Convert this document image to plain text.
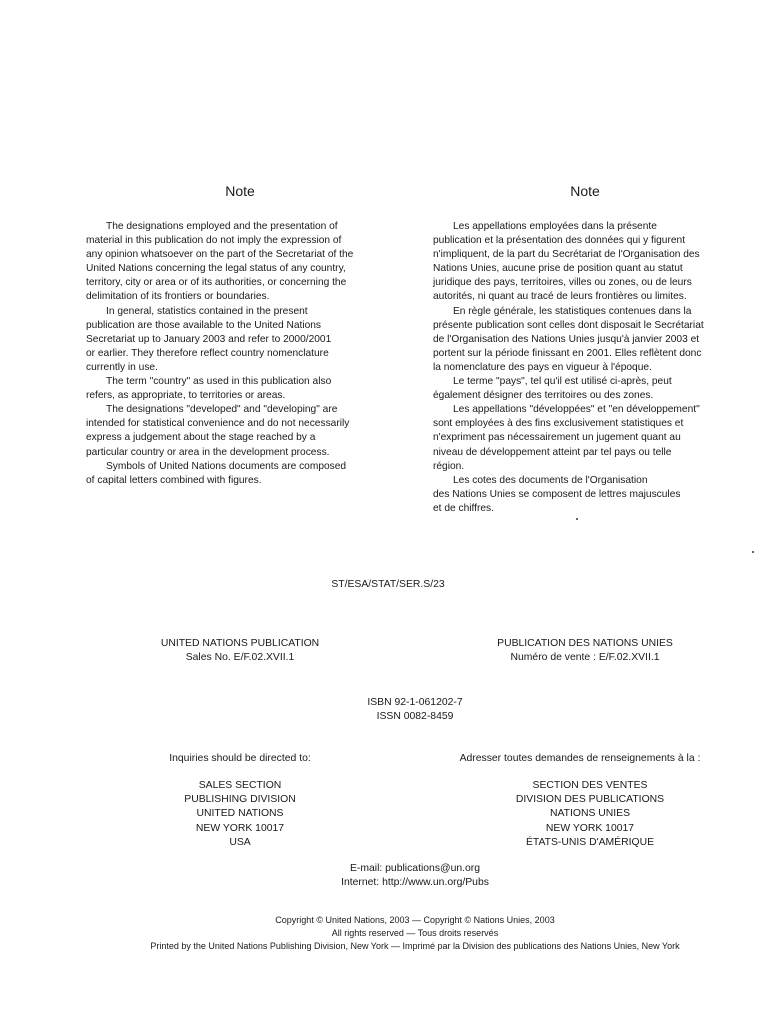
Note	Note

The designations employed and the presentation of

material in this publication do not imply the expression of

any opinion whatsoever on the part of the Secretariat of the

United Nations concerning the legal status of any country,

territory, city or area or of its authorities, or concerning the

delimitation of its frontiers or boundaries.

In general, statistics contained in the present

publication are those available to the United Nations

Secretariat up to January 2003 and refer to 2000/2001

or earlier. They therefore reflect country nomenclature

currently in use.

The term "country" as used in this publication also

refers, as appropriate, to territories or areas.

The designations "developed" and "developing" are

intended for statistical convenience and do not necessarily

express a judgement about the stage reached by a

particular country or area in the development process.

Symbols of United Nations documents are composed

of capital letters combined with figures.

Les appellations employées dans la présente

publication et la présentation des données qui y figurent

n'impliquent, de la part du Secrétariat de l'Organisation des

Nations Unies, aucune prise de position quant au statut

juridique des pays, territoires, villes ou zones, ou de leurs

autorités, ni quant au tracé de leurs frontières ou limites.

En règle générale, les statistiques contenues dans la

présente publication sont celles dont disposait le Secrétariat

de l'Organisation des Nations Unies jusqu'à janvier 2003 et

portent sur la période finissant en 2001. Elles reflètent donc

la nomenclature des pays en vigueur à l'époque.

Le terme "pays", tel qu'il est utilisé ci-après, peut

également désigner des territoires ou des zones.

Les appellations "développées" et "en développement"

sont employées à des fins exclusivement statistiques et

n'expriment pas nécessairement un jugement quant au

niveau de développement atteint par tel pays ou telle

région.

Les cotes des documents de l'Organisation

des Nations Unies se composent de lettres majuscules

et de chiffres.

ST/ESA/STAT/SER.S/23
UNITED NATIONS PUBLICATION
Sales No. E/F.02.XVII.1
PUBLICATION DES NATIONS UNIES
Numéro de vente : E/F.02.XVII.1
ISBN 92-1-061202-7
ISSN 0082-8459
Inquiries should be directed to:	Adresser toutes demandes de renseignements à la :
SALES SECTION
PUBLISHING DIVISION
UNITED NATIONS
NEW YORK 10017
USA
SECTION DES VENTES
DIVISION DES PUBLICATIONS
NATIONS UNIES
NEW YORK 10017
ÉTATS-UNIS D'AMÉRIQUE
E-mail: publications@un.org
Internet: http://www.un.org/Pubs
Copyright © United Nations, 2003 — Copyright © Nations Unies, 2003
All rights reserved — Tous droits reservés
Printed by the United Nations Publishing Division, New York — Imprimé par la Division des publications des Nations Unies, New York
